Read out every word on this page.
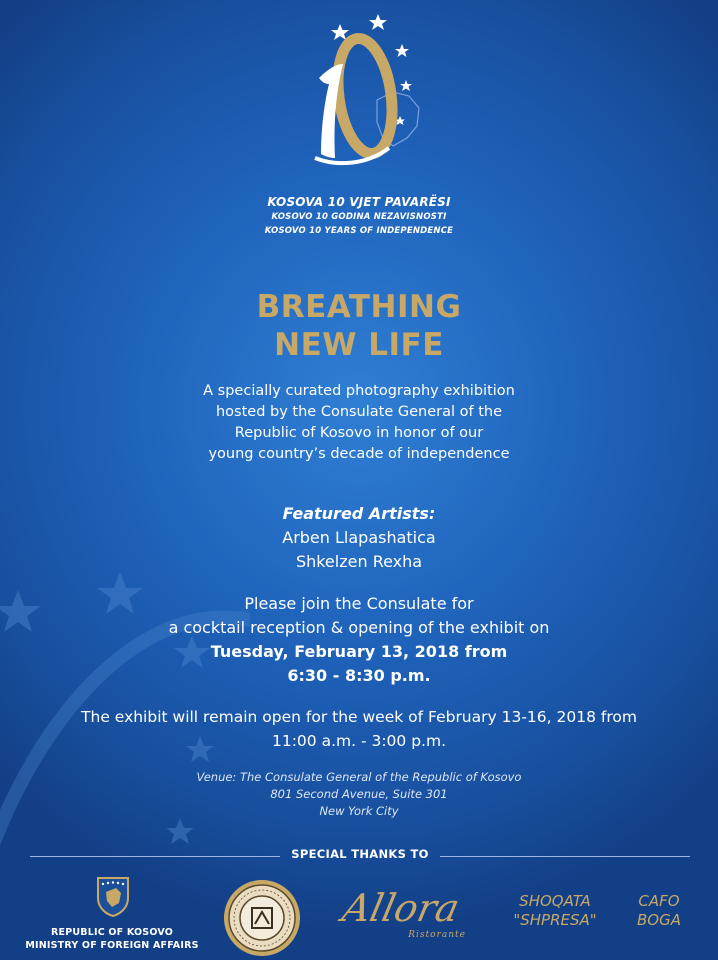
KOSOVA 10 VJET PAVARËSI
KOSOVO 10 GODINA NEZAVISNOSTI
KOSOVO 10 YEARS OF INDEPENDENCE
BREATHING
NEW LIFE
A specially curated photography exhibition
hosted by the Consulate General of the
Republic of Kosovo in honor of our
young country’s decade of independence
Featured Artists:
Arben Llapashatica
Shkelzen Rexha
Please join the Consulate for
a cocktail reception & opening of the exhibit on
Tuesday, February 13, 2018 from
6:30 - 8:30 p.m.
The exhibit will remain open for the week of February 13-16, 2018 from
11:00 a.m. - 3:00 p.m.
Venue: The Consulate General of the Republic of Kosovo
801 Second Avenue, Suite 301
New York City
SPECIAL THANKS TO
REPUBLIC OF KOSOVO
MINISTRY OF FOREIGN AFFAIRS
Allora
Ristorante
SHOQATA
"SHPRESA"
CAFO
BOGA
